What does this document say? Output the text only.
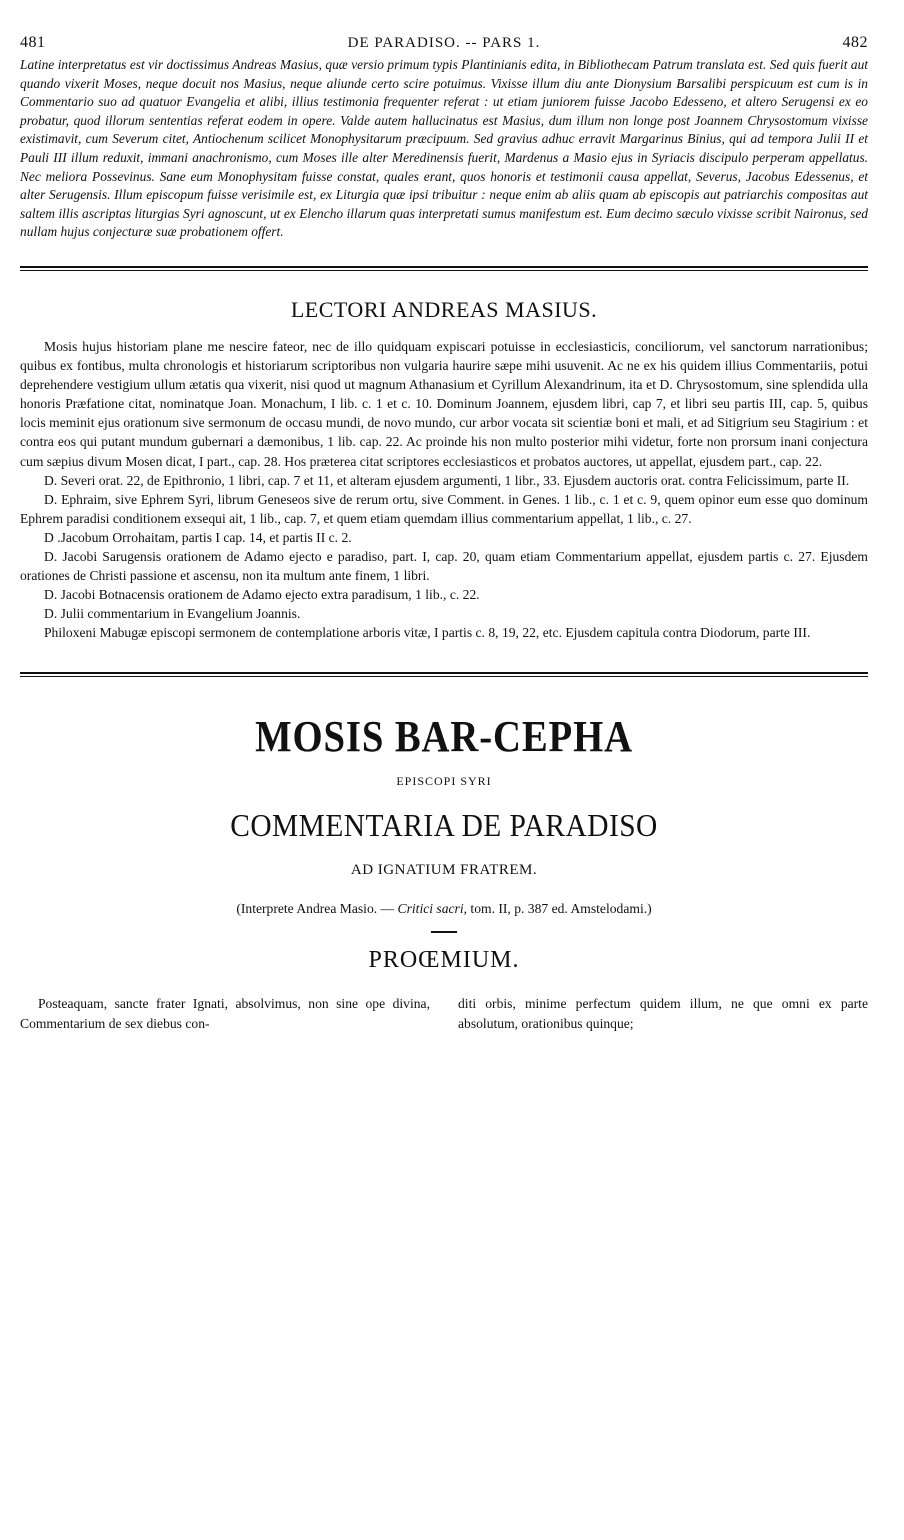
481	DE PARADISO. -- PARS 1.	482

Latine interpretatus est vir doctissimus Andreas Masius, quæ versio primum typis Plantinianis edita, in Bibliothecam Patrum translata est. Sed quis fuerit aut quando vixerit Moses, neque docuit nos Masius, neque aliunde certo scire potuimus. Vixisse illum diu ante Dionysium Barsalibi perspicuum est cum is in Commentario suo ad quatuor Evangelia et alibi, illius testimonia frequenter referat : ut etiam juniorem fuisse Jacobo Edesseno, et altero Serugensi ex eo probatur, quod illorum sententias referat eodem in opere. Valde autem hallucinatus est Masius, dum illum non longe post Joannem Chrysostomum vixisse existimavit, cum Severum citet, Antiochenum scilicet Monophysitarum præcipuum. Sed gravius adhuc erravit Margarinus Binius, qui ad tempora Julii II et Pauli III illum reduxit, immani anachronismo, cum Moses ille alter Meredinensis fuerit, Mardenus a Masio ejus in Syriacis discipulo perperam appellatus. Nec meliora Possevinus. Sane eum Monophysitam fuisse constat, quales erant, quos honoris et testimonii causa appellat, Severus, Jacobus Edessenus, et alter Serugensis. Illum episcopum fuisse verisimile est, ex Liturgia quæ ipsi tribuitur : neque enim ab aliis quam ab episcopis aut patriarchis compositas aut saltem illis ascriptas liturgias Syri agnoscunt, ut ex Elencho illarum quas interpretati sumus manifestum est. Eum decimo sæculo vixisse scribit Naironus, sed nullam hujus conjecturæ suæ probationem offert.

LECTORI ANDREAS MASIUS.

Mosis hujus historiam plane me nescire fateor, nec de illo quidquam expiscari potuisse in ecclesiasticis, conciliorum, vel sanctorum narrationibus; quibus ex fontibus, multa chronologis et historiarum scriptoribus non vulgaria haurire sæpe mihi usuvenit. Ac ne ex his quidem illius Commentariis, potui deprehendere vestigium ullum ætatis qua vixerit, nisi quod ut magnum Athanasium et Cyrillum Alexandrinum, ita et D. Chrysostomum, sine splendida ulla honoris Præfatione citat, nominatque Joan. Monachum, I lib. c. 1 et c. 10. Dominum Joannem, ejusdem libri, cap 7, et libri seu partis III, cap. 5, quibus locis meminit ejus orationum sive sermonum de occasu mundi, de novo mundo, cur arbor vocata sit scientiæ boni et mali, et ad Sitigrium seu Stagirium : et contra eos qui putant mundum gubernari a dæmonibus, 1 lib. cap. 22. Ac proinde his non multo posterior mihi videtur, forte non prorsum inani conjectura cum sæpius divum Mosen dicat, I part., cap. 28. Hos præterea citat scriptores ecclesiasticos et probatos auctores, ut appellat, ejusdem part., cap. 22.

D. Severi orat. 22, de Epithronio, 1 libri, cap. 7 et 11, et alteram ejusdem argumenti, 1 libr., 33. Ejusdem auctoris orat. contra Felicissimum, parte II.

D. Ephraim, sive Ephrem Syri, librum Geneseos sive de rerum ortu, sive Comment. in Genes. 1 lib., c. 1 et c. 9, quem opinor eum esse quo dominum Ephrem paradisi conditionem exsequi ait, 1 lib., cap. 7, et quem etiam quemdam illius commentarium appellat, 1 lib., c. 27.

D .Jacobum Orrohaitam, partis I cap. 14, et partis II c. 2.

D. Jacobi Sarugensis orationem de Adamo ejecto e paradiso, part. I, cap. 20, quam etiam Commentarium appellat, ejusdem partis c. 27. Ejusdem orationes de Christi passione et ascensu, non ita multum ante finem, 1 libri.

D. Jacobi Botnacensis orationem de Adamo ejecto extra paradisum, 1 lib., c. 22.

D. Julii commentarium in Evangelium Joannis.

Philoxeni Mabugæ episcopi sermonem de contemplatione arboris vitæ, I partis c. 8, 19, 22, etc. Ejusdem capitula contra Diodorum, parte III.

MOSIS BAR-CEPHA
EPISCOPI SYRI
COMMENTARIA DE PARADISO
AD IGNATIUM FRATREM.
(Interprete Andrea Masio. — Critici sacri, tom. II, p. 387 ed. Amstelodami.)
PROŒMIUM.

Posteaquam, sancte frater Ignati, absolvimus, non sine ope divina, Commentarium de sex diebus con-

diti orbis, minime perfectum quidem illum, ne que omni ex parte absolutum, orationibus quinque;
